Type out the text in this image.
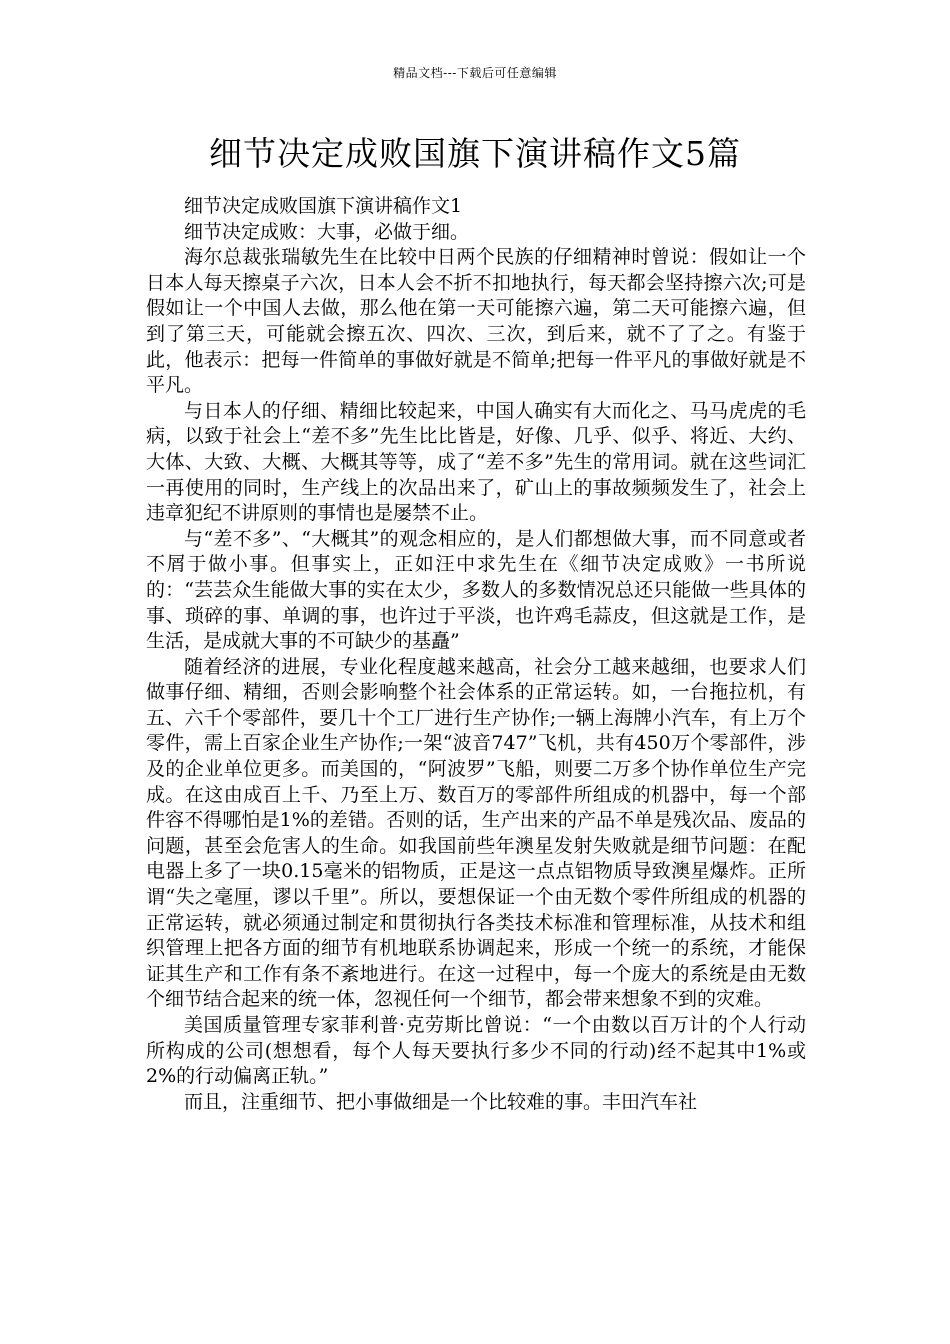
精品文档---下载后可任意编辑
细节决定成败国旗下演讲稿作文5篇

细节决定成败国旗下演讲稿作文1

细节决定成败：大事，必做于细。

海尔总裁张瑞敏先生在比较中日两个民族的仔细精神时曾说：假如让一个日本人每天擦桌子六次，日本人会不折不扣地执行，每天都会坚持擦六次;可是假如让一个中国人去做，那么他在第一天可能擦六遍，第二天可能擦六遍，但到了第三天，可能就会擦五次、四次、三次，到后来，就不了了之。有鉴于此，他表示：把每一件简单的事做好就是不简单;把每一件平凡的事做好就是不平凡。

与日本人的仔细、精细比较起来，中国人确实有大而化之、马马虎虎的毛病，以致于社会上“差不多”先生比比皆是，好像、几乎、似乎、将近、大约、大体、大致、大概、大概其等等，成了“差不多”先生的常用词。就在这些词汇一再使用的同时，生产线上的次品出来了，矿山上的事故频频发生了，社会上违章犯纪不讲原则的事情也是屡禁不止。

与“差不多”、“大概其”的观念相应的，是人们都想做大事，而不同意或者不屑于做小事。但事实上，正如汪中求先生在《细节决定成败》一书所说的：“芸芸众生能做大事的实在太少，多数人的多数情况总还只能做一些具体的事、琐碎的事、单调的事，也许过于平淡，也许鸡毛蒜皮，但这就是工作，是生活，是成就大事的不可缺少的基矗”

随着经济的进展，专业化程度越来越高，社会分工越来越细，也要求人们做事仔细、精细，否则会影响整个社会体系的正常运转。如，一台拖拉机，有五、六千个零部件，要几十个工厂进行生产协作;一辆上海牌小汽车，有上万个零件，需上百家企业生产协作;一架“波音747”飞机，共有450万个零部件，涉及的企业单位更多。而美国的，“阿波罗”飞船，则要二万多个协作单位生产完成。在这由成百上千、乃至上万、数百万的零部件所组成的机器中，每一个部件容不得哪怕是1%的差错。否则的话，生产出来的产品不单是残次品、废品的问题，甚至会危害人的生命。如我国前些年澳星发射失败就是细节问题：在配电器上多了一块0.15毫米的铝物质，正是这一点点铝物质导致澳星爆炸。正所谓“失之毫厘，谬以千里”。所以，要想保证一个由无数个零件所组成的机器的正常运转，就必须通过制定和贯彻执行各类技术标准和管理标准，从技术和组织管理上把各方面的细节有机地联系协调起来，形成一个统一的系统，才能保证其生产和工作有条不紊地进行。在这一过程中，每一个庞大的系统是由无数个细节结合起来的统一体，忽视任何一个细节，都会带来想象不到的灾难。

美国质量管理专家菲利普·克劳斯比曾说：“一个由数以百万计的个人行动所构成的公司(想想看，每个人每天要执行多少不同的行动)经不起其中1%或2%的行动偏离正轨。”

而且，注重细节、把小事做细是一个比较难的事。丰田汽车社
